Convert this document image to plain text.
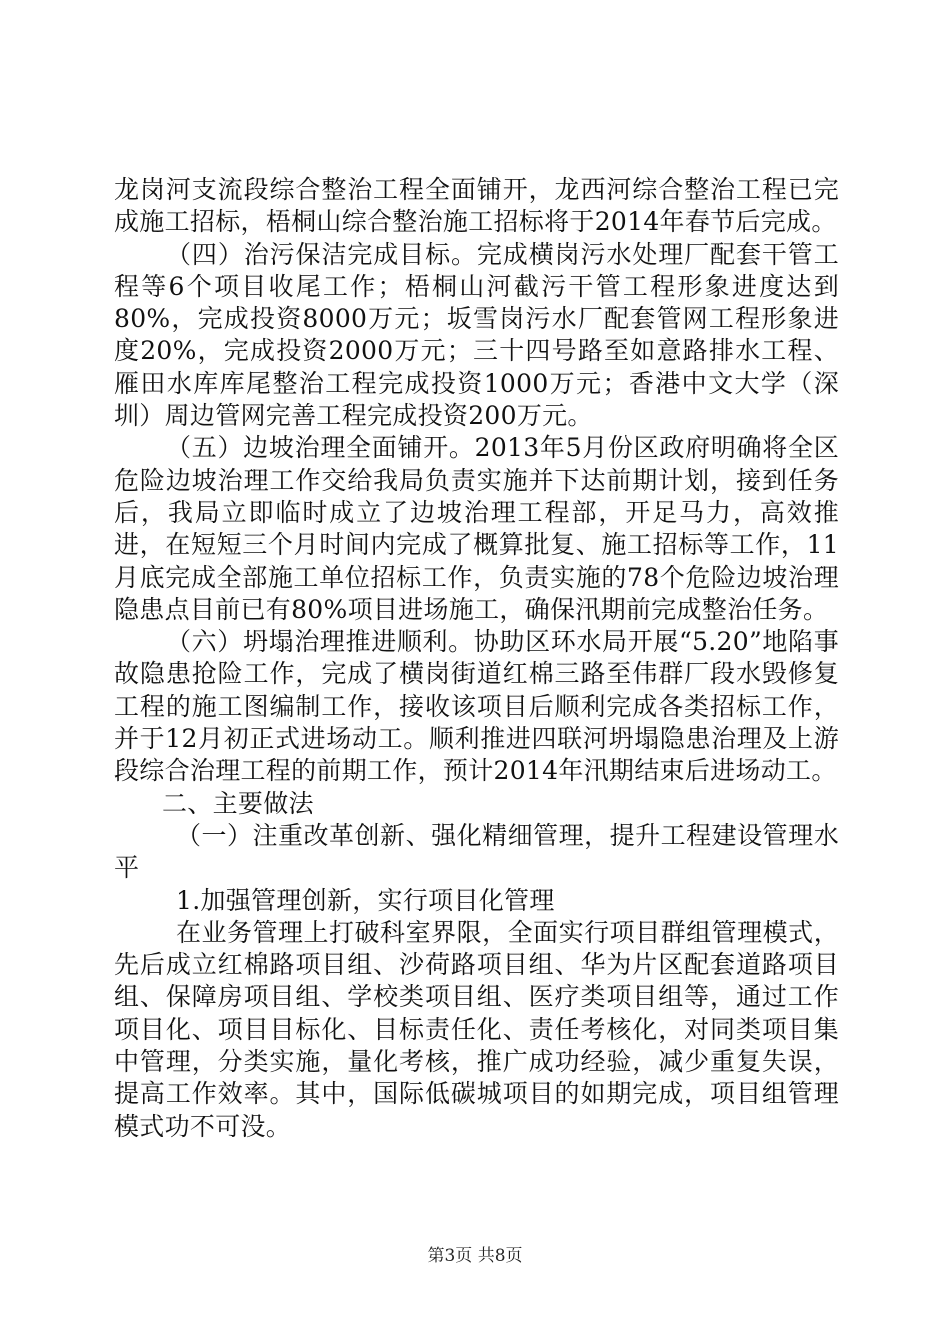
龙岗河支流段综合整治工程全面铺开，龙西河综合整治工程已完成施工招标，梧桐山综合整治施工招标将于2014年春节后完成。

（四）治污保洁完成目标。完成横岗污水处理厂配套干管工程等6个项目收尾工作；梧桐山河截污干管工程形象进度达到80%，完成投资8000万元；坂雪岗污水厂配套管网工程形象进度20%，完成投资2000万元；三十四号路至如意路排水工程、雁田水库库尾整治工程完成投资1000万元；香港中文大学（深圳）周边管网完善工程完成投资200万元。

（五）边坡治理全面铺开。2013年5月份区政府明确将全区危险边坡治理工作交给我局负责实施并下达前期计划，接到任务后，我局立即临时成立了边坡治理工程部，开足马力，高效推进，在短短三个月时间内完成了概算批复、施工招标等工作，11月底完成全部施工单位招标工作，负责实施的78个危险边坡治理隐患点目前已有80%项目进场施工，确保汛期前完成整治任务。

（六）坍塌治理推进顺利。协助区环水局开展“5.20”地陷事故隐患抢险工作，完成了横岗街道红棉三路至伟群厂段水毁修复工程的施工图编制工作，接收该项目后顺利完成各类招标工作，并于12月初正式进场动工。顺利推进四联河坍塌隐患治理及上游段综合治理工程的前期工作，预计2014年汛期结束后进场动工。

二、主要做法

（一）注重改革创新、强化精细管理，提升工程建设管理水平

1.加强管理创新，实行项目化管理

在业务管理上打破科室界限，全面实行项目群组管理模式，先后成立红棉路项目组、沙荷路项目组、华为片区配套道路项目组、保障房项目组、学校类项目组、医疗类项目组等，通过工作项目化、项目目标化、目标责任化、责任考核化，对同类项目集中管理，分类实施，量化考核，推广成功经验，减少重复失误，提高工作效率。其中，国际低碳城项目的如期完成，项目组管理模式功不可没。

第3页 共8页
